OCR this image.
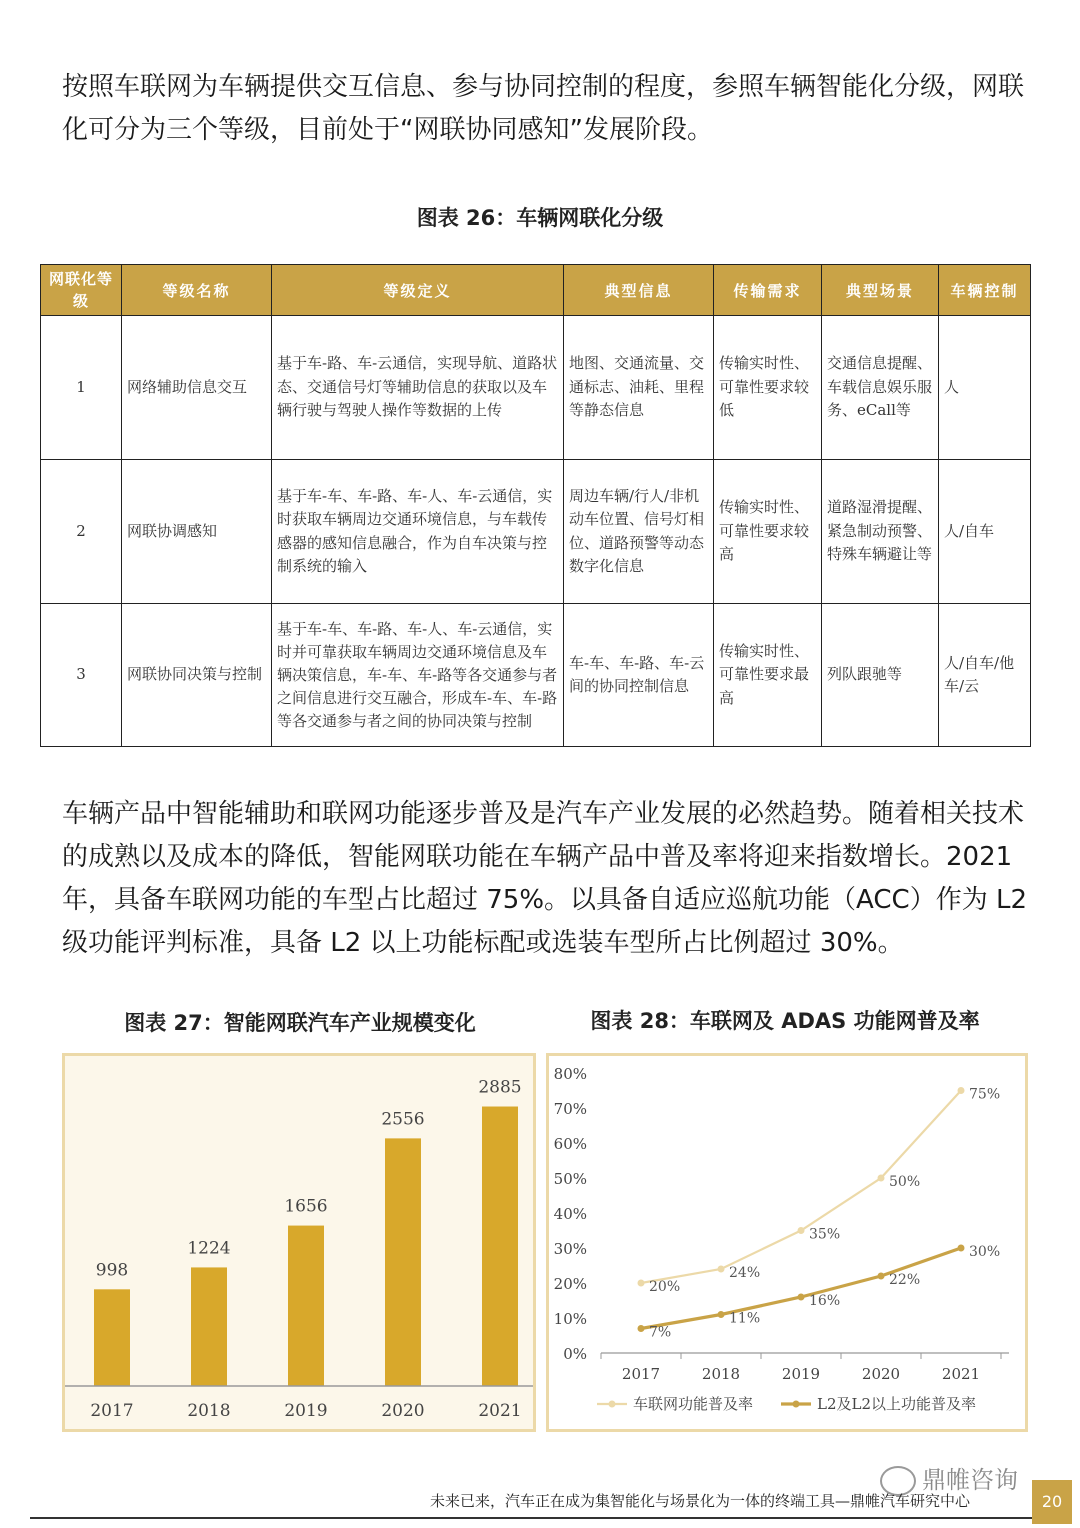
按照车联网为车辆提供交互信息、参与协同控制的程度，参照车辆智能化分级，网联
化可分为三个等级，目前处于“网联协同感知”发展阶段。
图表 26：车辆网联化分级
网联化等级	等级名称	等级定义	典型信息	传输需求	典型场景	车辆控制
1	网络辅助信息交互	基于车-路、车-云通信，实现导航、道路状态、交通信号灯等辅助信息的获取以及车辆行驶与驾驶人操作等数据的上传	地图、交通流量、交通标志、油耗、里程等静态信息	传输实时性、可靠性要求较低	交通信息提醒、车载信息娱乐服务、eCall等	人
2	网联协调感知	基于车-车、车-路、车-人、车-云通信，实时获取车辆周边交通环境信息，与车载传感器的感知信息融合，作为自车决策与控制系统的输入	周边车辆/行人/非机动车位置、信号灯相位、道路预警等动态数字化信息	传输实时性、可靠性要求较高	道路湿滑提醒、紧急制动预警、特殊车辆避让等	人/自车
3	网联协同决策与控制	基于车-车、车-路、车-人、车-云通信，实时并可靠获取车辆周边交通环境信息及车辆决策信息，车-车、车-路等各交通参与者之间信息进行交互融合，形成车-车、车-路等各交通参与者之间的协同决策与控制	车-车、车-路、车-云间的协同控制信息	传输实时性、可靠性要求最高	列队跟驰等	人/自车/他车/云
车辆产品中智能辅助和联网功能逐步普及是汽车产业发展的必然趋势。随着相关技术
的成熟以及成本的降低，智能网联功能在车辆产品中普及率将迎来指数增长。2021
年，具备车联网功能的车型占比超过 75%。以具备自适应巡航功能（ACC）作为 L2
级功能评判标准，具备 L2 以上功能标配或选装车型所占比例超过 30%。
图表 27：智能网联汽车产业规模变化	图表 28：车联网及 ADAS 功能网普及率
998
2017
1224
2018
1656
2019
2556
2020
2885
2021
0%
10%
20%
30%
40%
50%
60%
70%
80%
2017	2018	2019	2020	2021
20%
24%
35%
50%
75%
7%
11%
16%
22%
30%
车联网功能普及率	L2及L2以上功能普及率
鼎帷咨询
未来已来，汽车正在成为集智能化与场景化为一体的终端工具—鼎帷汽车研究中心	20
